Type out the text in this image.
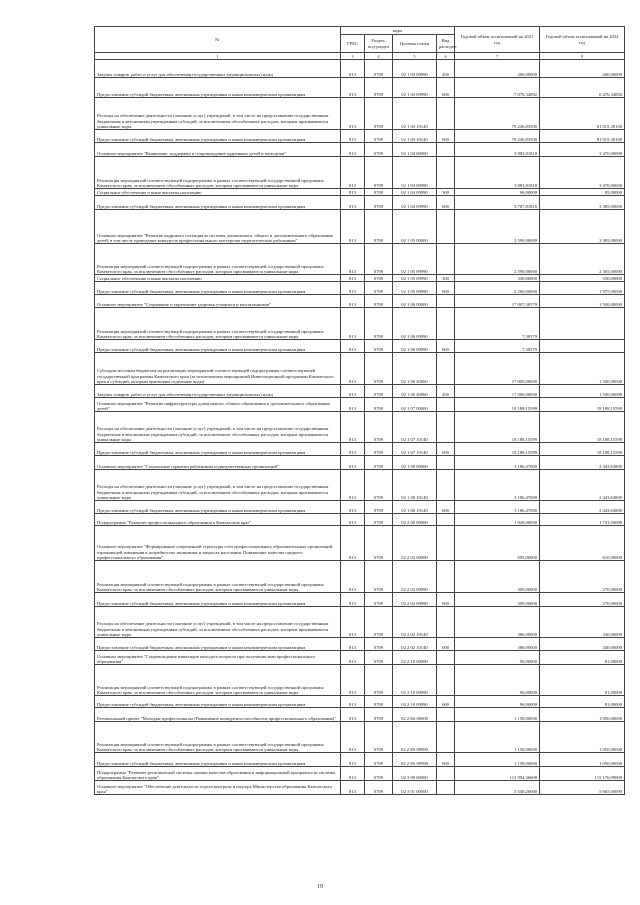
№	коды				Годовой объем ассигнований на 2021 год	Годовой объем ассигнований на 2022 год
	ГРБС	Раздел, под-раздел	Целевая статья	Вид расходов		
1	3	4	5	6	7	8
Закупка товаров, работ и услуг для обеспечения государственных (муниципальных) нужд	813	0709	02 1 03 09990	200	200,00000	200,00000
Предоставление субсидий бюджетным, автономным учреждениям и иным некоммерческим организациям	813	0709	02 1 03 09990	600	7 076,34092	6 476,34092
Расходы на обеспечение деятельности (оказание услуг) учреждений, в том числе на предоставление государственным бюджетным и автономным учреждениям субсидий, за исключением обособленных расходов, которым присваиваются уникальные коды	813	0709	02 1 03 10140		79 246,83500	81 015,30100
Предоставление субсидий бюджетным, автономным учреждениям и иным некоммерческим организациям	813	0709	02 1 03 10140	600	79 246,83500	81 015,30100
Основное мероприятие "Выявление, поддержка и сопровождение одаренных детей и молодежи"	813	0709	02 1 04 00000		3 883,81818	3 470,00000
Реализация мероприятий соответствующей подпрограммы в рамках соответствующей государственной программы Камчатского края, за исключением обособленных расходов, которым присваиваются уникальные коды	813	0709	02 1 04 09990		3 883,81818	3 470,00000
Социальное обеспечение и иные выплаты населению	813	0709	02 1 04 09990	300	96,00000	85,00000
Предоставление субсидий бюджетным, автономным учреждениям и иным некоммерческим организациям	813	0709	02 1 04 09990	600	3 787,81818	3 385,00000
Основное мероприятие "Развитие кадрового потенциала системы дошкольного, общего и дополнительного образования детей, в том числе проведение конкурсов профессионального мастерства педагогических работников"	813	0709	02 1 05 00000		2 590,00000	2 305,00000
Реализация мероприятий соответствующей подпрограммы в рамках соответствующей государственной программы Камчатского края, за исключением обособленных расходов, которым присваиваются уникальные коды	813	0709	02 1 05 09990		2 590,00000	2 305,00000
Социальное обеспечение и иные выплаты населению	813	0709	02 1 05 09990	300	330,00000	330,00000
Предоставление субсидий бюджетным, автономным учреждениям и иным некоммерческим организациям	813	0709	02 1 05 09990	600	2 260,00000	1 975,00000
Основное мероприятие "Сохранение и укрепление здоровья учащихся и воспитанников"	813	0709	02 1 06 00000		17 007,30579	1 500,00000
Реализация мероприятий соответствующей подпрограммы в рамках соответствующей государственной программы Камчатского края, за исключением обособленных расходов, которым присваиваются уникальные коды	813	0709	02 1 06 09990		7,30579	
Предоставление субсидий бюджетным, автономным учреждениям и иным некоммерческим организациям	813	0709	02 1 06 09990	600	7,30579	
Субсидии местным бюджетам на реализацию мероприятий соответствующей подпрограммы соответствующей государственной программы Камчатского края (за исключением мероприятий Инвестиционной программы Камчатского края и субсидий, которым присвоены отдельные коды)	813	0709	02 1 06 40060		17 000,00000	1 500,00000
Закупка товаров, работ и услуг для обеспечения государственных (муниципальных) нужд	813	0709	02 1 06 40060	200	17 000,00000	1 500,00000
Основное мероприятие "Развитие инфраструктуры дошкольного, общего образования и дополнительного образования детей"	813	0709	02 1 07 00000		18 188,15599	18 188,15599
Расходы на обеспечение деятельности (оказание услуг) учреждений, в том числе на предоставление государственным бюджетным и автономным учреждениям субсидий, за исключением обособленных расходов, которым присваиваются уникальные коды	813	0709	02 1 07 10140		18 188,15599	18 188,15599
Предоставление субсидий бюджетным, автономным учреждениям и иным некоммерческим организациям	813	0709	02 1 07 10140	600	18 188,15599	18 188,15599
Основное мероприятие "Социальные гарантии работникам подведомственных организаций"	813	0709	02 1 08 00000		3 186,47000	2 443,63800
Расходы на обеспечение деятельности (оказание услуг) учреждений, в том числе на предоставление государственным бюджетным и автономным учреждениям субсидий, за исключением обособленных расходов, которым присваиваются уникальные коды	813	0709	02 1 08 10140		3 186,47000	2 443,63800
Предоставление субсидий бюджетным, автономным учреждениям и иным некоммерческим организациям	813	0709	02 1 08 10140	600	3 186,47000	2 443,63800
Подпрограмма "Развитие профессионального образования в Камчатском крае"	813	0709	02 2 00 00000		1 949,00000	1 741,00000
Основное мероприятие "Формирование современной структуры сети профессиональных образовательных организаций, отражающей изменения в потребностях экономики и запросах населения. Повышение качества среднего профессионального образования"	813	0709	02 2 02 00000		695,00000	610,00000
Реализация мероприятий соответствующей подпрограммы в рамках соответствующей государственной программы Камчатского края, за исключением обособленных расходов, которым присваиваются уникальные коды	813	0709	02 2 02 09990		309,00000	270,00000
Предоставление субсидий бюджетным, автономным учреждениям и иным некоммерческим организациям	813	0709	02 2 02 09990	600	309,00000	270,00000
Расходы на обеспечение деятельности (оказание услуг) учреждений, в том числе на предоставление государственным бюджетным и автономным учреждениям субсидий, за исключением обособленных расходов, которым присваиваются уникальные коды	813	0709	02 2 02 10140		386,00000	340,00000
Предоставление субсидий бюджетным, автономным учреждениям и иным некоммерческим организациям	813	0709	02 2 02 10140	600	386,00000	340,00000
Основное мероприятие "Сопровождение инвалидов молодого возраста при получении ими профессионального образования"	813	0709	02 2 10 00000		96,00000	81,00000
Реализация мероприятий соответствующей подпрограммы в рамках соответствующей государственной программы Камчатского края, за исключением обособленных расходов, которым присваиваются уникальные коды	813	0709	02 2 10 09990		96,00000	81,00000
Предоставление субсидий бюджетным, автономным учреждениям и иным некоммерческим организациям	813	0709	02 2 10 09990	600	96,00000	81,00000
Региональный проект "Молодые профессионалы (Повышение конкурентоспособности профессионального образования)"	813	0709	02 2 E6 00000		1 158,00000	1 050,00000
Реализация мероприятий соответствующей подпрограммы в рамках соответствующей государственной программы Камчатского края, за исключением обособленных расходов, которым присваиваются уникальные коды	813	0709	02 2 E6 09990		1 158,00000	1 050,00000
Предоставление субсидий бюджетным, автономным учреждениям и иным некоммерческим организациям	813	0709	02 2 E6 09990	600	1 158,00000	1 050,00000
Подпрограмма "Развитие региональной системы оценки качества образования и информационной прозрачности системы образования Камчатского края"	813	0709	02 3 00 00000		113 994,36600	115 176,99000
Основное мероприятие "Обеспечение деятельности отдела контроля и надзора Министерства образования Камчатского края"	813	0709	02 3 01 00000		5 540,26000	5 665,00000
19
